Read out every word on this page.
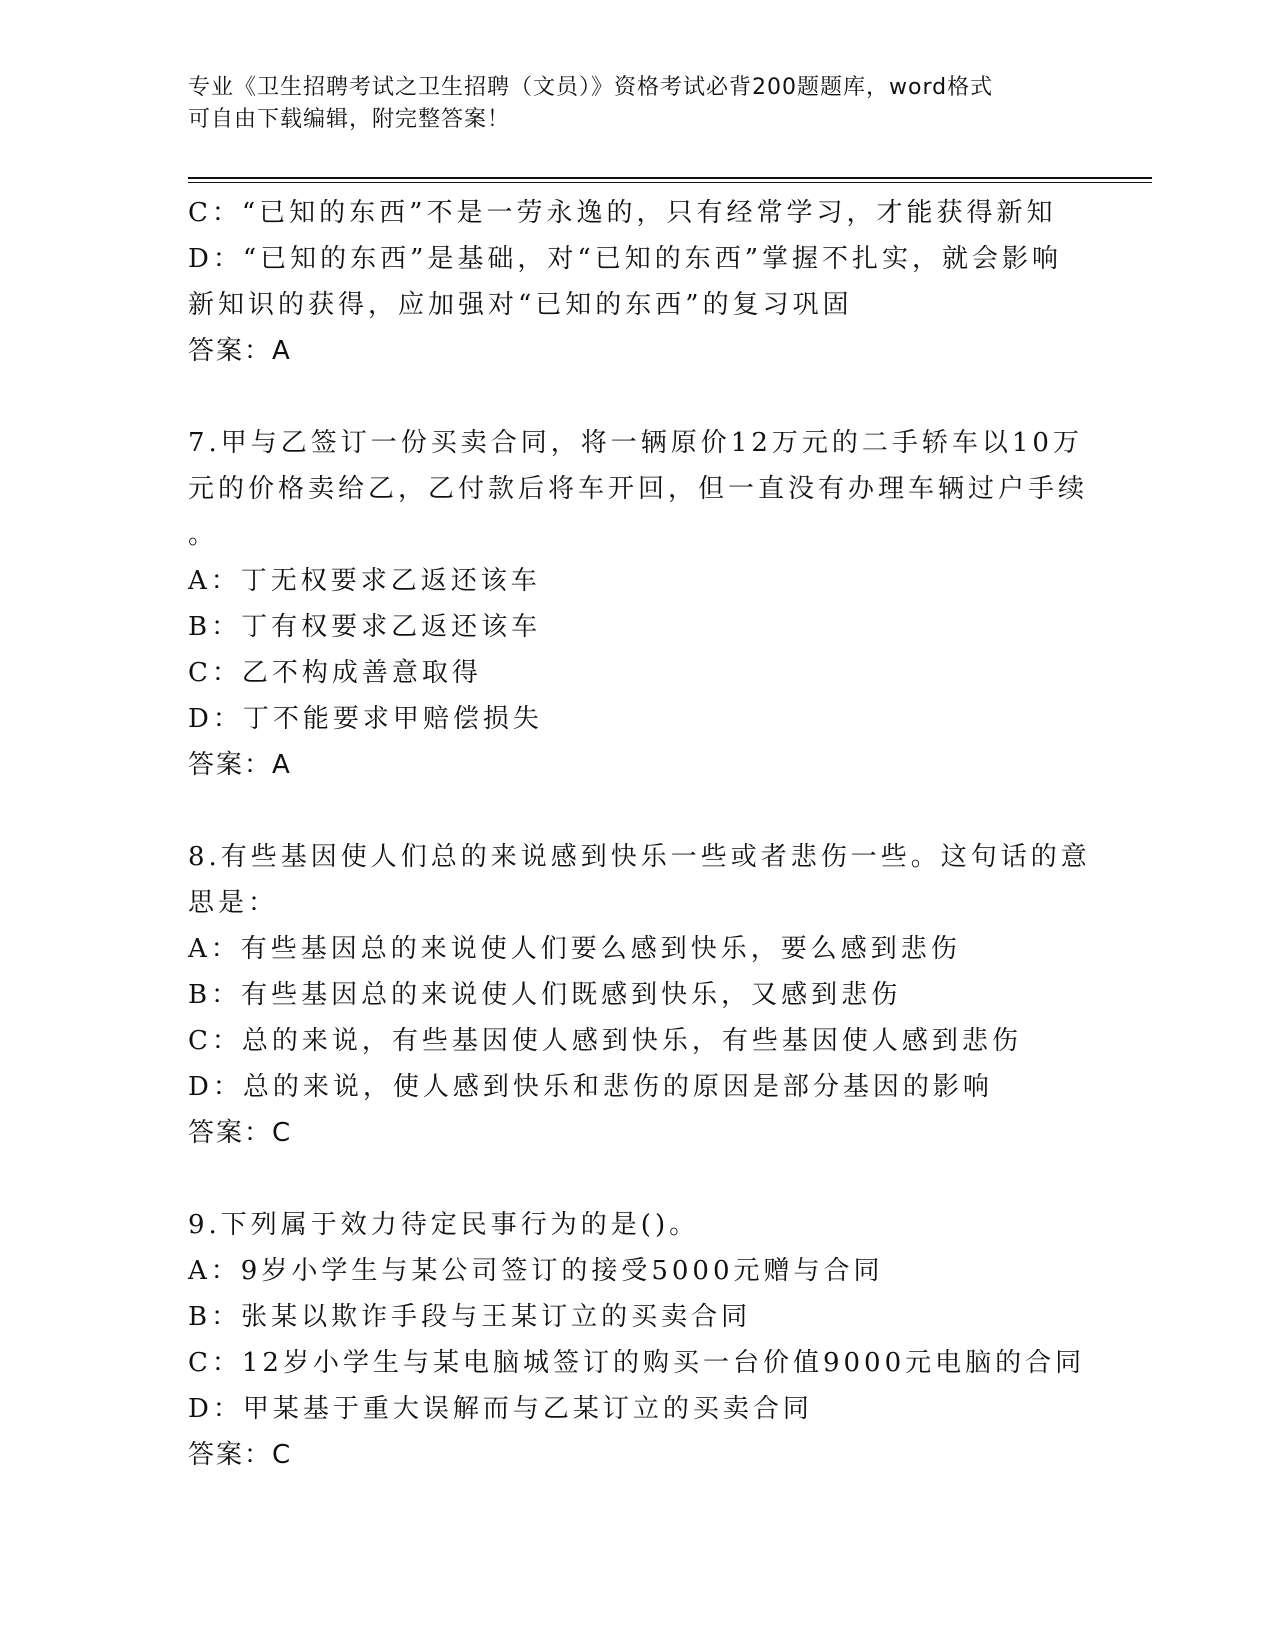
专业《卫生招聘考试之卫生招聘（文员）》资格考试必背200题题库，word格式
可自由下载编辑，附完整答案！
C：“已知的东西”不是一劳永逸的，只有经常学习，才能获得新知
D：“已知的东西”是基础，对“已知的东西”掌握不扎实，就会影响
新知识的获得，应加强对“已知的东西”的复习巩固
答案：A
7.甲与乙签订一份买卖合同，将一辆原价12万元的二手轿车以10万
元的价格卖给乙，乙付款后将车开回，但一直没有办理车辆过户手续
。
A：丁无权要求乙返还该车
B：丁有权要求乙返还该车
C：乙不构成善意取得
D：丁不能要求甲赔偿损失
答案：A
8.有些基因使人们总的来说感到快乐一些或者悲伤一些。这句话的意
思是：
A：有些基因总的来说使人们要么感到快乐，要么感到悲伤
B：有些基因总的来说使人们既感到快乐，又感到悲伤
C：总的来说，有些基因使人感到快乐，有些基因使人感到悲伤
D：总的来说，使人感到快乐和悲伤的原因是部分基因的影响
答案：C
9.下列属于效力待定民事行为的是()。
A：9岁小学生与某公司签订的接受5000元赠与合同
B：张某以欺诈手段与王某订立的买卖合同
C：12岁小学生与某电脑城签订的购买一台价值9000元电脑的合同
D：甲某基于重大误解而与乙某订立的买卖合同
答案：C
